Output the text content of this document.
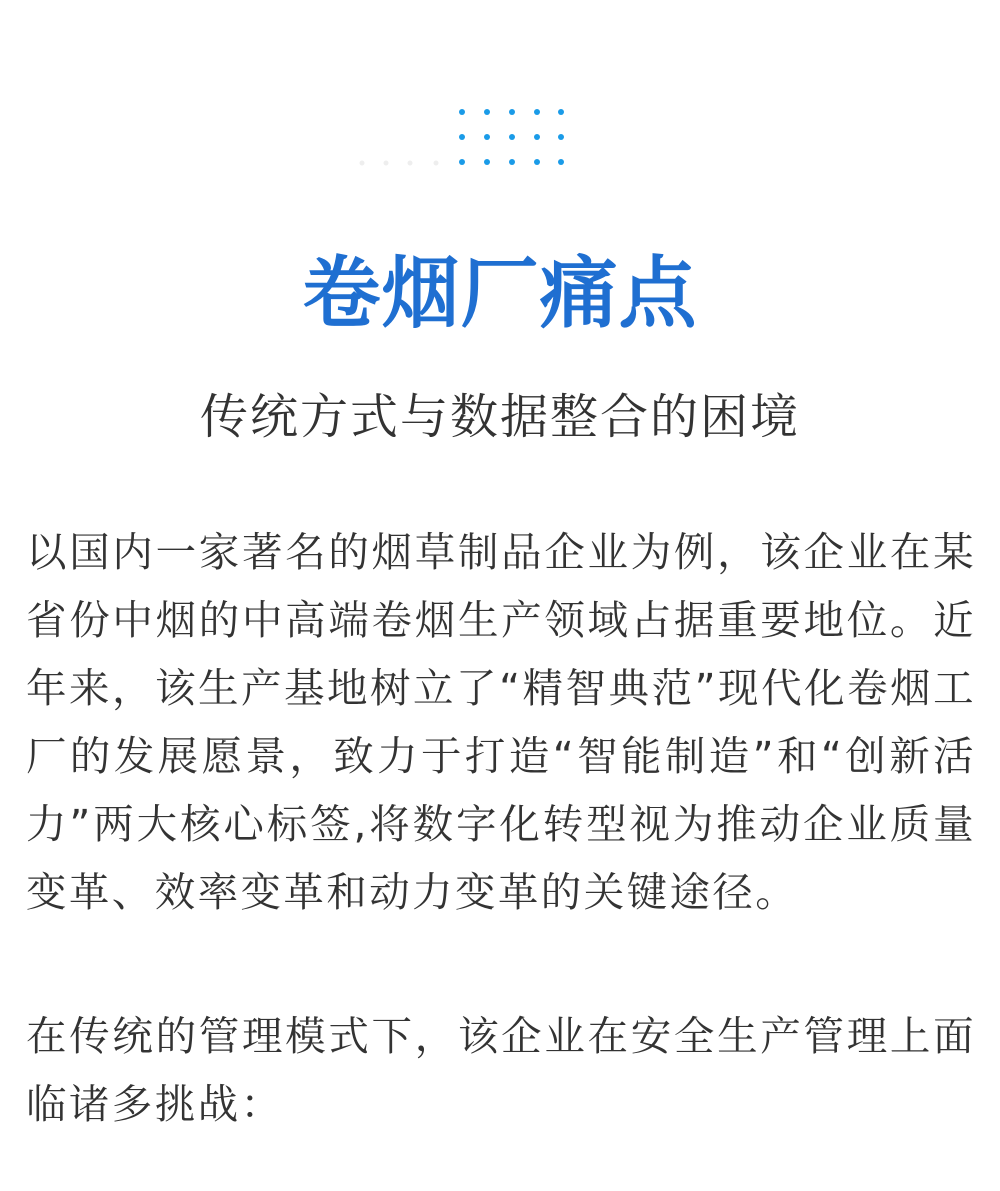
卷烟厂痛点
传统方式与数据整合的困境

以国内一家著名的烟草制品企业为例，该企业在某省份中烟的中高端卷烟生产领域占据重要地位。近年来，该生产基地树立了“精智典范”现代化卷烟工厂的发展愿景，致力于打造“智能制造”和“创新活力”两大核心标签,将数字化转型视为推动企业质量变革、效率变革和动力变革的关键途径。

在传统的管理模式下，该企业在安全生产管理上面临诸多挑战：
